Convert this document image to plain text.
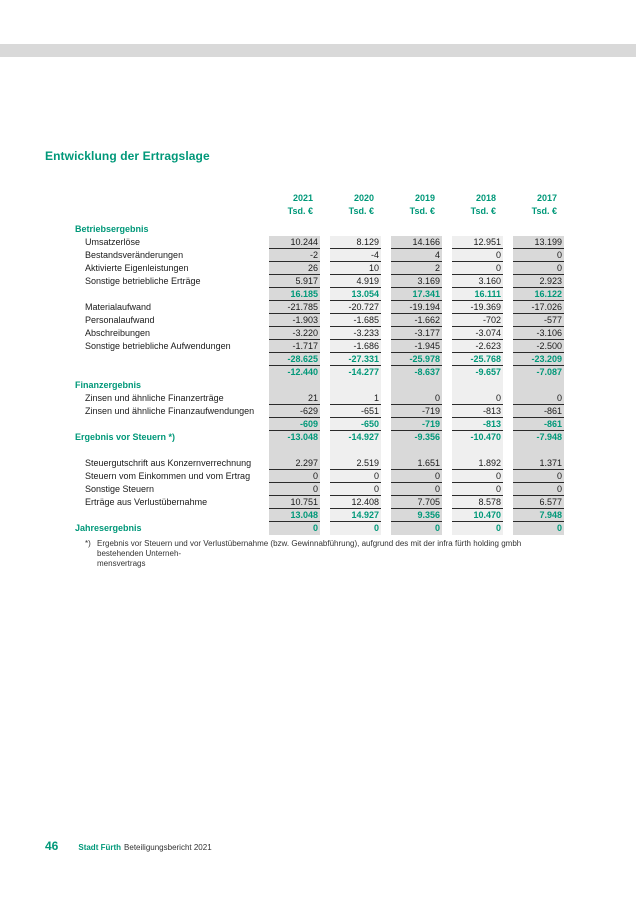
Entwicklung der Ertragslage
2021	2020	2019	2018	2017
Tsd. €	Tsd. €	Tsd. €	Tsd. €	Tsd. €
Betriebsergebnis
Umsatzerlöse	10.244	8.129	14.166	12.951	13.199
Bestandsveränderungen	-2	-4	4	0	0
Aktivierte Eigenleistungen	26	10	2	0	0
Sonstige betriebliche Erträge	5.917	4.919	3.169	3.160	2.923
16.185	13.054	17.341	16.111	16.122
Materialaufwand	-21.785	-20.727	-19.194	-19.369	-17.026
Personalaufwand	-1.903	-1.685	-1.662	-702	-577
Abschreibungen	-3.220	-3.233	-3.177	-3.074	-3.106
Sonstige betriebliche Aufwendungen	-1.717	-1.686	-1.945	-2.623	-2.500
-28.625	-27.331	-25.978	-25.768	-23.209
-12.440	-14.277	-8.637	-9.657	-7.087
Finanzergebnis
Zinsen und ähnliche Finanzerträge	21	1	0	0	0
Zinsen und ähnliche Finanzaufwendungen	-629	-651	-719	-813	-861
-609	-650	-719	-813	-861
Ergebnis vor Steuern *)	-13.048	-14.927	-9.356	-10.470	-7.948
Steuergutschrift aus Konzernverrechnung	2.297	2.519	1.651	1.892	1.371
Steuern vom Einkommen und vom Ertrag	0	0	0	0	0
Sonstige Steuern	0	0	0	0	0
Erträge aus Verlustübernahme	10.751	12.408	7.705	8.578	6.577
13.048	14.927	9.356	10.470	7.948
Jahresergebnis	0	0	0	0	0
*) Ergebnis vor Steuern und vor Verlustübernahme (bzw. Gewinnabführung), aufgrund des mit der infra fürth holding gmbh bestehenden Unterneh-
mensvertrags
46	Stadt Fürth Beteiligungsbericht 2021
